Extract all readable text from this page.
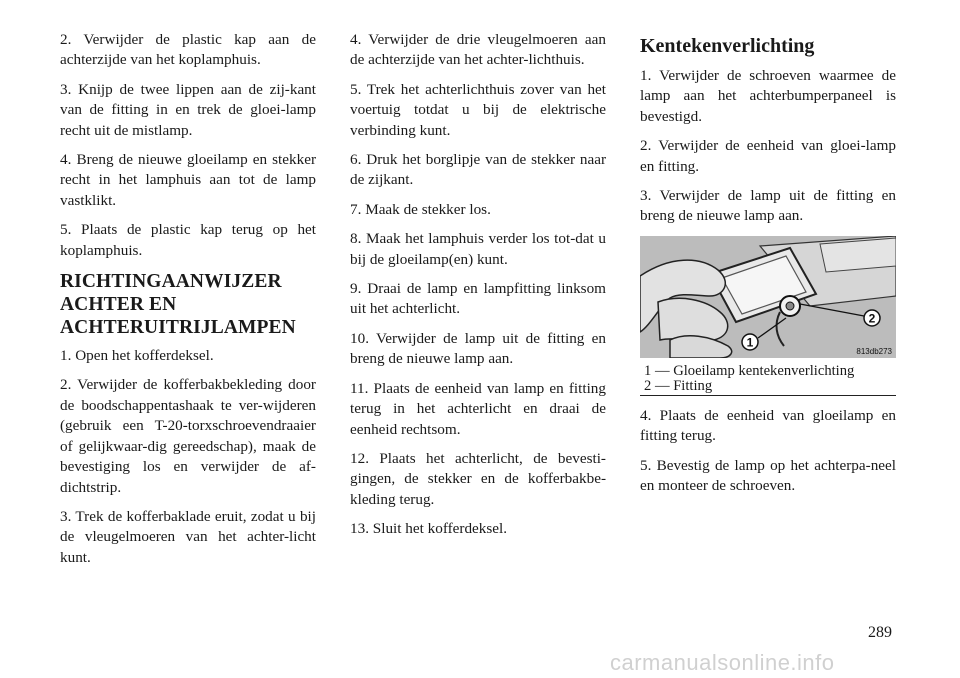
2. Verwijder de plastic kap aan de achterzijde van het koplamphuis.

3. Knijp de twee lippen aan de zij-kant van de fitting in en trek de gloei-lamp recht uit de mistlamp.

4. Breng de nieuwe gloeilamp en stekker recht in het lamphuis aan tot de lamp vastklikt.

5. Plaats de plastic kap terug op het koplamphuis.

RICHTINGAANWIJZER ACHTER EN ACHTERUITRIJLAMPEN

1. Open het kofferdeksel.

2. Verwijder de kofferbakbekleding door de boodschappentashaak te ver-wijderen (gebruik een T-20-torxschroevendraaier of gelijkwaar-dig gereedschap), maak de bevestiging los en verwijder de af-dichtstrip.

3. Trek de kofferbaklade eruit, zodat u bij de vleugelmoeren van het achter-licht kunt.

4. Verwijder de drie vleugelmoeren aan de achterzijde van het achter-lichthuis.

5. Trek het achterlichthuis zover van het voertuig totdat u bij de elektrische verbinding kunt.

6. Druk het borglipje van de stekker naar de zijkant.

7. Maak de stekker los.

8. Maak het lamphuis verder los tot-dat u bij de gloeilamp(en) kunt.

9. Draai de lamp en lampfitting linksom uit het achterlicht.

10. Verwijder de lamp uit de fitting en breng de nieuwe lamp aan.

11. Plaats de eenheid van lamp en fitting terug in het achterlicht en draai de eenheid rechtsom.

12. Plaats het achterlicht, de bevesti-gingen, de stekker en de kofferbakbe-kleding terug.

13. Sluit het kofferdeksel.

Kentekenverlichting

1. Verwijder de schroeven waarmee de lamp aan het achterbumperpaneel is bevestigd.

2. Verwijder de eenheid van gloei-lamp en fitting.

3. Verwijder de lamp uit de fitting en breng de nieuwe lamp aan.

2
1
813db273
1 — Gloeilamp kentekenverlichting
2 — Fitting

4. Plaats de eenheid van gloeilamp en fitting terug.

5. Bevestig de lamp op het achterpa-neel en monteer de schroeven.

289
carmanualsonline.info
